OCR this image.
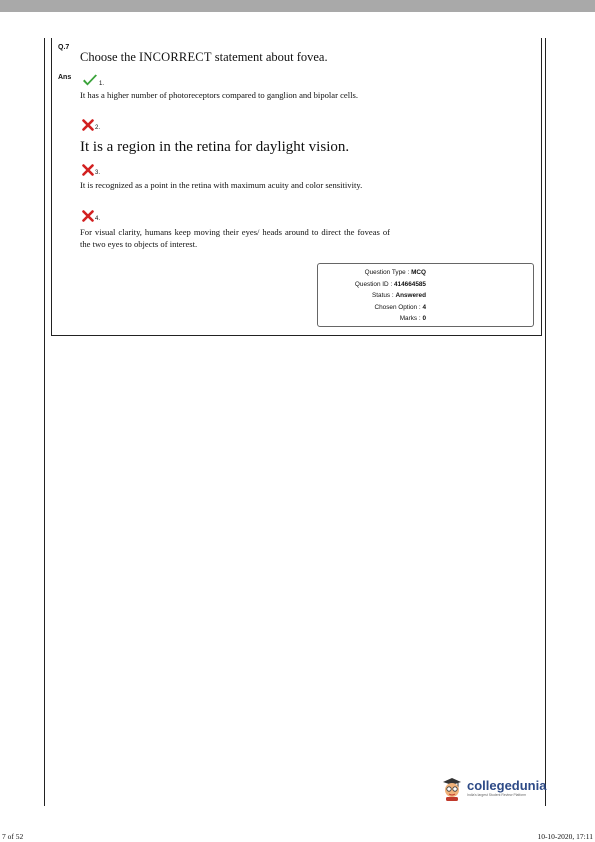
Q.7
Choose the INCORRECT statement about fovea.
Ans
1.
It has a higher number of photoreceptors compared to ganglion and bipolar cells.
2.
It is a region in the retina for daylight vision.
3.
It is recognized as a point in the retina with maximum acuity and color sensitivity.
4.
For visual clarity, humans keep moving their eyes/ heads around to direct the foveas of the two eyes to objects of interest.
Question Type : MCQ
Question ID : 414664585
Status : Answered
Chosen Option : 4
Marks : 0
collegedunia
India's largest Student Review Platform
7 of 52	10-10-2020, 17:11
